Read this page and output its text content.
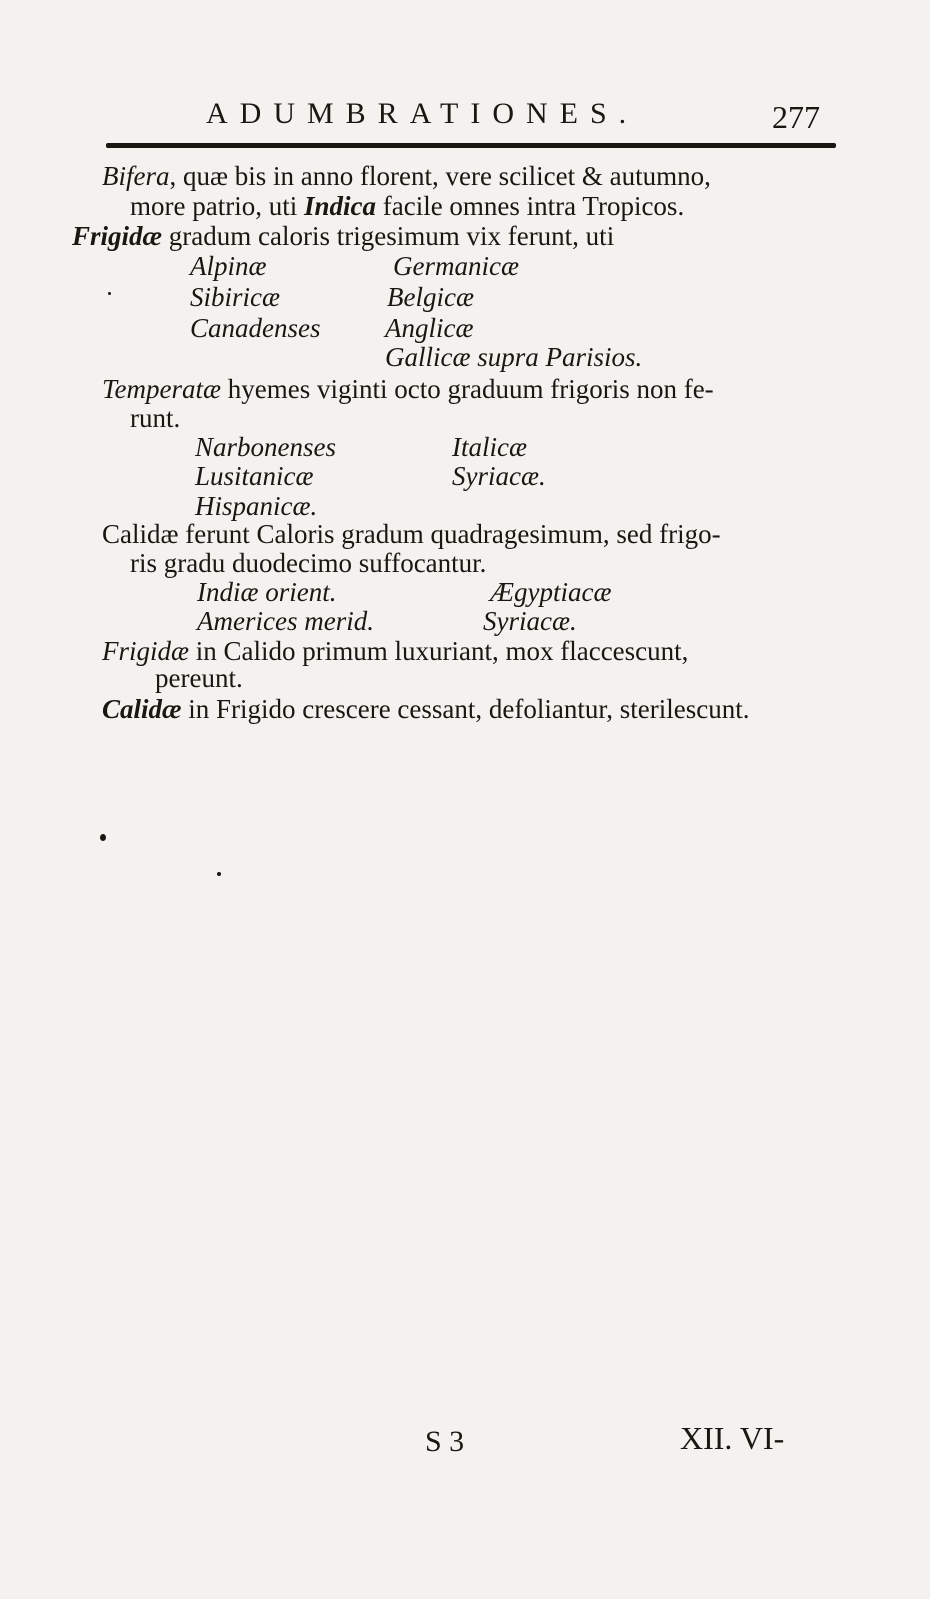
ADUMBRATIONES.	277
Bifera, quæ bis in anno florent, vere scilicet & autumno,
more patrio, uti Indica facile omnes intra Tropicos.
Frigidæ gradum caloris trigesimum vix ferunt, uti
Alpinæ
Sibiricæ
Canadenses
Germanicæ
Belgicæ
Anglicæ
Gallicæ supra Parisios.
Temperatæ hyemes viginti octo graduum frigoris non fe-
runt.
Narbonenses
Lusitanicæ
Hispanicæ.
Italicæ
Syriacæ.
Calidæ ferunt Caloris gradum quadragesimum, sed frigo-
ris gradu duodecimo suffocantur.
Indiæ orient.
Americes merid.
Ægyptiacæ
Syriacæ.
Frigidæ in Calido primum luxuriant, mox flaccescunt,
pereunt.
Calidæ in Frigido crescere cessant, defoliantur, sterilescunt.
S 3	XII. VI-
